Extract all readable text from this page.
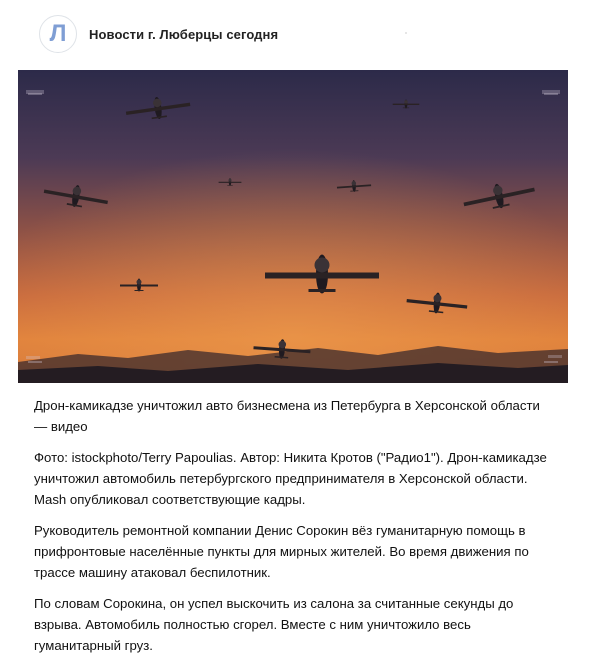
Л Новости г. Люберцы сегодня

Дрон-камикадзе уничтожил авто бизнесмена из Петербурга в Херсонской области — видео

Фото: istockphoto/Terry Papoulias. Автор: Никита Кротов ("Радио1"). Дрон-камикадзе уничтожил автомобиль петербургского предпринимателя в Херсонской области. Mash опубликовал соответствующие кадры.

Руководитель ремонтной компании Денис Сорокин вёз гуманитарную помощь в прифронтовые населённые пункты для мирных жителей. Во время движения по трассе машину атаковал беспилотник.

По словам Сорокина, он успел выскочить из салона за считанные секунды до взрыва. Автомобиль полностью сгорел. Вместе с ним уничтожило весь гуманитарный груз.
